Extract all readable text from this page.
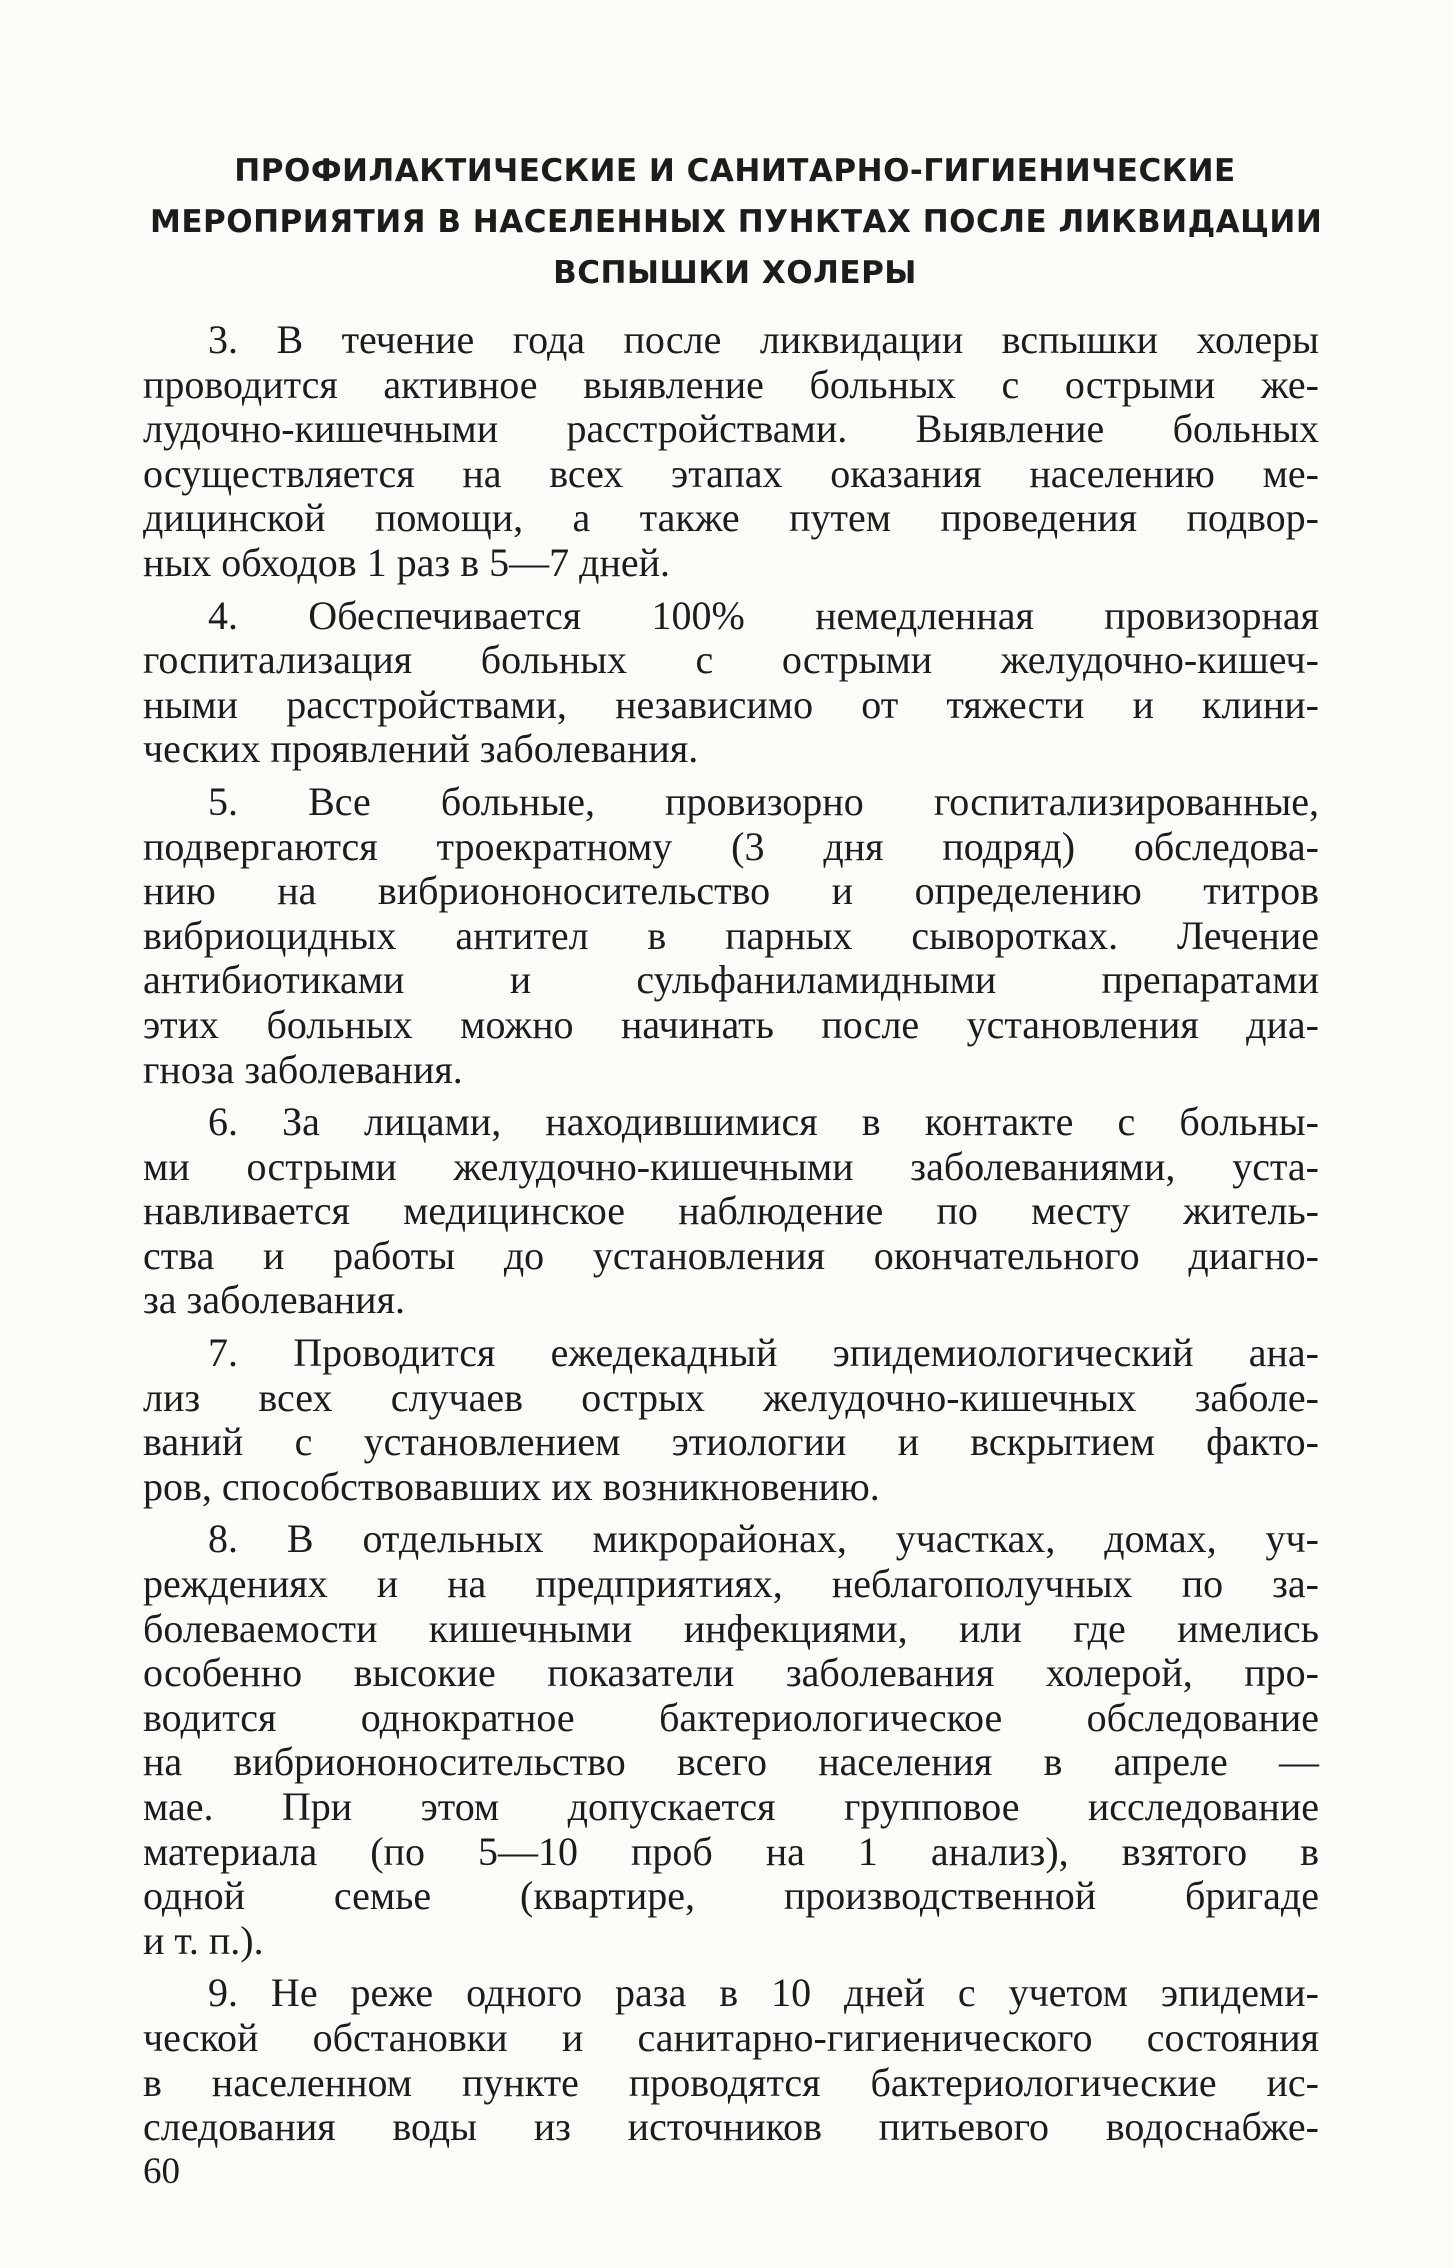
ПРОФИЛАКТИЧЕСКИЕ И САНИТАРНО-ГИГИЕНИЧЕСКИЕ
МЕРОПРИЯТИЯ В НАСЕЛЕННЫХ ПУНКТАХ ПОСЛЕ ЛИКВИДАЦИИ
ВСПЫШКИ ХОЛЕРЫ

3. В течение года после ликвидации вспышки холеры
проводится активное выявление больных с острыми же-
лудочно-кишечными расстройствами. Выявление больных
осуществляется на всех этапах оказания населению ме-
дицинской помощи, а также путем проведения подвор-
ных обходов 1 раз в 5—7 дней.

4. Обеспечивается 100% немедленная провизорная
госпитализация больных с острыми желудочно-кишеч-
ными расстройствами, независимо от тяжести и клини-
ческих проявлений заболевания.

5. Все больные, провизорно госпитализированные,
подвергаются троекратному (3 дня подряд) обследова-
нию на вибриононосительство и определению титров
вибриоцидных антител в парных сыворотках. Лечение
антибиотиками и сульфаниламидными препаратами
этих больных можно начинать после установления диа-
гноза заболевания.

6. За лицами, находившимися в контакте с больны-
ми острыми желудочно-кишечными заболеваниями, уста-
навливается медицинское наблюдение по месту житель-
ства и работы до установления окончательного диагно-
за заболевания.

7. Проводится ежедекадный эпидемиологический ана-
лиз всех случаев острых желудочно-кишечных заболе-
ваний с установлением этиологии и вскрытием факто-
ров, способствовавших их возникновению.

8. В отдельных микрорайонах, участках, домах, уч-
реждениях и на предприятиях, неблагополучных по за-
болеваемости кишечными инфекциями, или где имелись
особенно высокие показатели заболевания холерой, про-
водится однократное бактериологическое обследование
на вибриононосительство всего населения в апреле —
мае. При этом допускается групповое исследование
материала (по 5—10 проб на 1 анализ), взятого в
одной семье (квартире, производственной бригаде
и т. п.).

9. Не реже одного раза в 10 дней с учетом эпидеми-
ческой обстановки и санитарно-гигиенического состояния
в населенном пункте проводятся бактериологические ис-
следования воды из источников питьевого водоснабже-

60
